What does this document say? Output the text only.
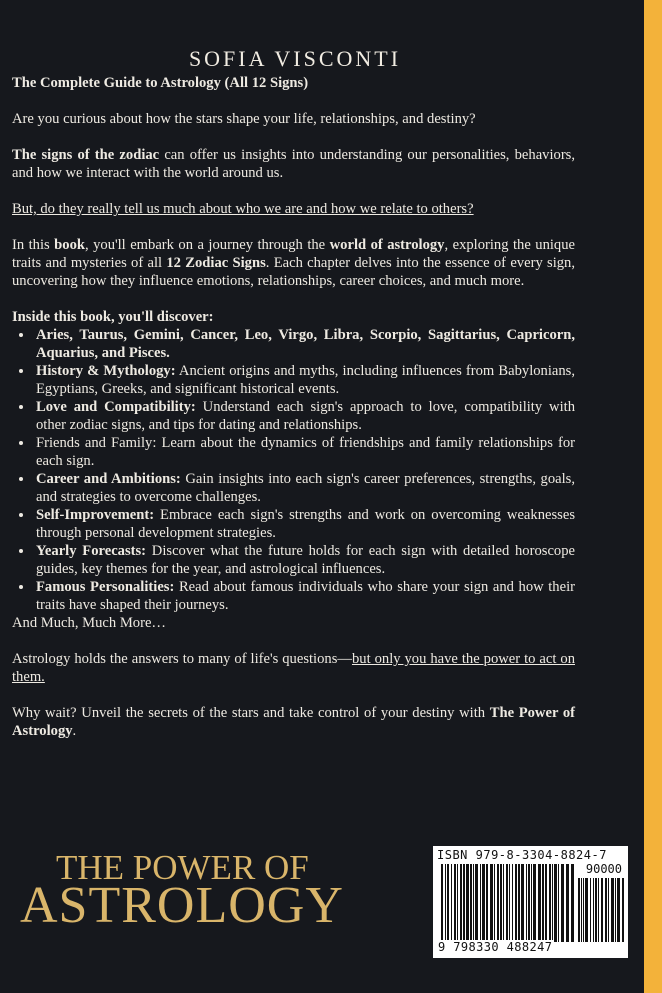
SOFIA VISCONTI

The Complete Guide to Astrology (All 12 Signs)

Are you curious about how the stars shape your life, relationships, and destiny?

The signs of the zodiac can offer us insights into understanding our personalities, behaviors, and how we interact with the world around us.

But, do they really tell us much about who we are and how we relate to others?

In this book, you'll embark on a journey through the world of astrology, exploring the unique traits and mysteries of all 12 Zodiac Signs. Each chapter delves into the essence of every sign, uncovering how they influence emotions, relationships, career choices, and much more.

Inside this book, you'll discover:

• Aries, Taurus, Gemini, Cancer, Leo, Virgo, Libra, Scorpio, Sagittarius, Capricorn, Aquarius, and Pisces.
• History & Mythology: Ancient origins and myths, including influences from Babylonians, Egyptians, Greeks, and significant historical events.
• Love and Compatibility: Understand each sign's approach to love, compatibility with other zodiac signs, and tips for dating and relationships.
• Friends and Family: Learn about the dynamics of friendships and family relationships for each sign.
• Career and Ambitions: Gain insights into each sign's career preferences, strengths, goals, and strategies to overcome challenges.
• Self-Improvement: Embrace each sign's strengths and work on overcoming weaknesses through personal development strategies.
• Yearly Forecasts: Discover what the future holds for each sign with detailed horoscope guides, key themes for the year, and astrological influences.
• Famous Personalities: Read about famous individuals who share your sign and how their traits have shaped their journeys.

And Much, Much More…

Astrology holds the answers to many of life's questions—but only you have the power to act on them.

Why wait? Unveil the secrets of the stars and take control of your destiny with The Power of Astrology.

THE POWER OF
ASTROLOGY
ISBN 979-8-3304-8824-7
90000
9 798330 488247
